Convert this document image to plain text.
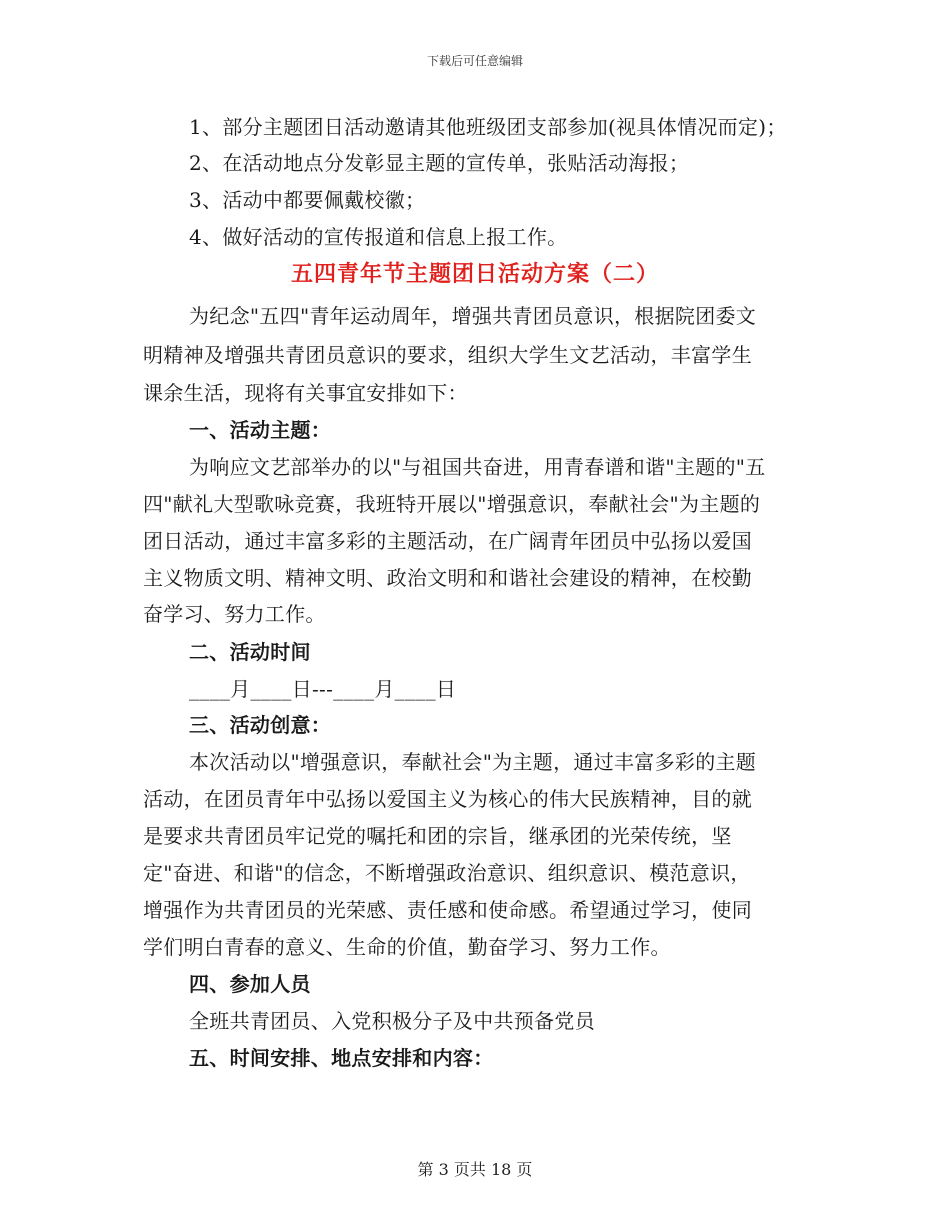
下载后可任意编辑
1、部分主题团日活动邀请其他班级团支部参加(视具体情况而定)；
2、在活动地点分发彰显主题的宣传单，张贴活动海报；
3、活动中都要佩戴校徽；
4、做好活动的宣传报道和信息上报工作。
五四青年节主题团日活动方案（二）
为纪念"五四"青年运动周年，增强共青团员意识，根据院团委文
明精神及增强共青团员意识的要求，组织大学生文艺活动，丰富学生
课余生活，现将有关事宜安排如下：
一、活动主题：
为响应文艺部举办的以"与祖国共奋进，用青春谱和谐"主题的"五
四"献礼大型歌咏竞赛，我班特开展以"增强意识，奉献社会"为主题的
团日活动，通过丰富多彩的主题活动，在广阔青年团员中弘扬以爱国
主义物质文明、精神文明、政治文明和和谐社会建设的精神，在校勤
奋学习、努力工作。
二、活动时间
____月____日---____月____日
三、活动创意：
本次活动以"增强意识，奉献社会"为主题，通过丰富多彩的主题
活动，在团员青年中弘扬以爱国主义为核心的伟大民族精神，目的就
是要求共青团员牢记党的嘱托和团的宗旨，继承团的光荣传统，坚
定"奋进、和谐"的信念，不断增强政治意识、组织意识、模范意识，
增强作为共青团员的光荣感、责任感和使命感。希望通过学习，使同
学们明白青春的意义、生命的价值，勤奋学习、努力工作。
四、参加人员
全班共青团员、入党积极分子及中共预备党员
五、时间安排、地点安排和内容：
第 3 页共 18 页
